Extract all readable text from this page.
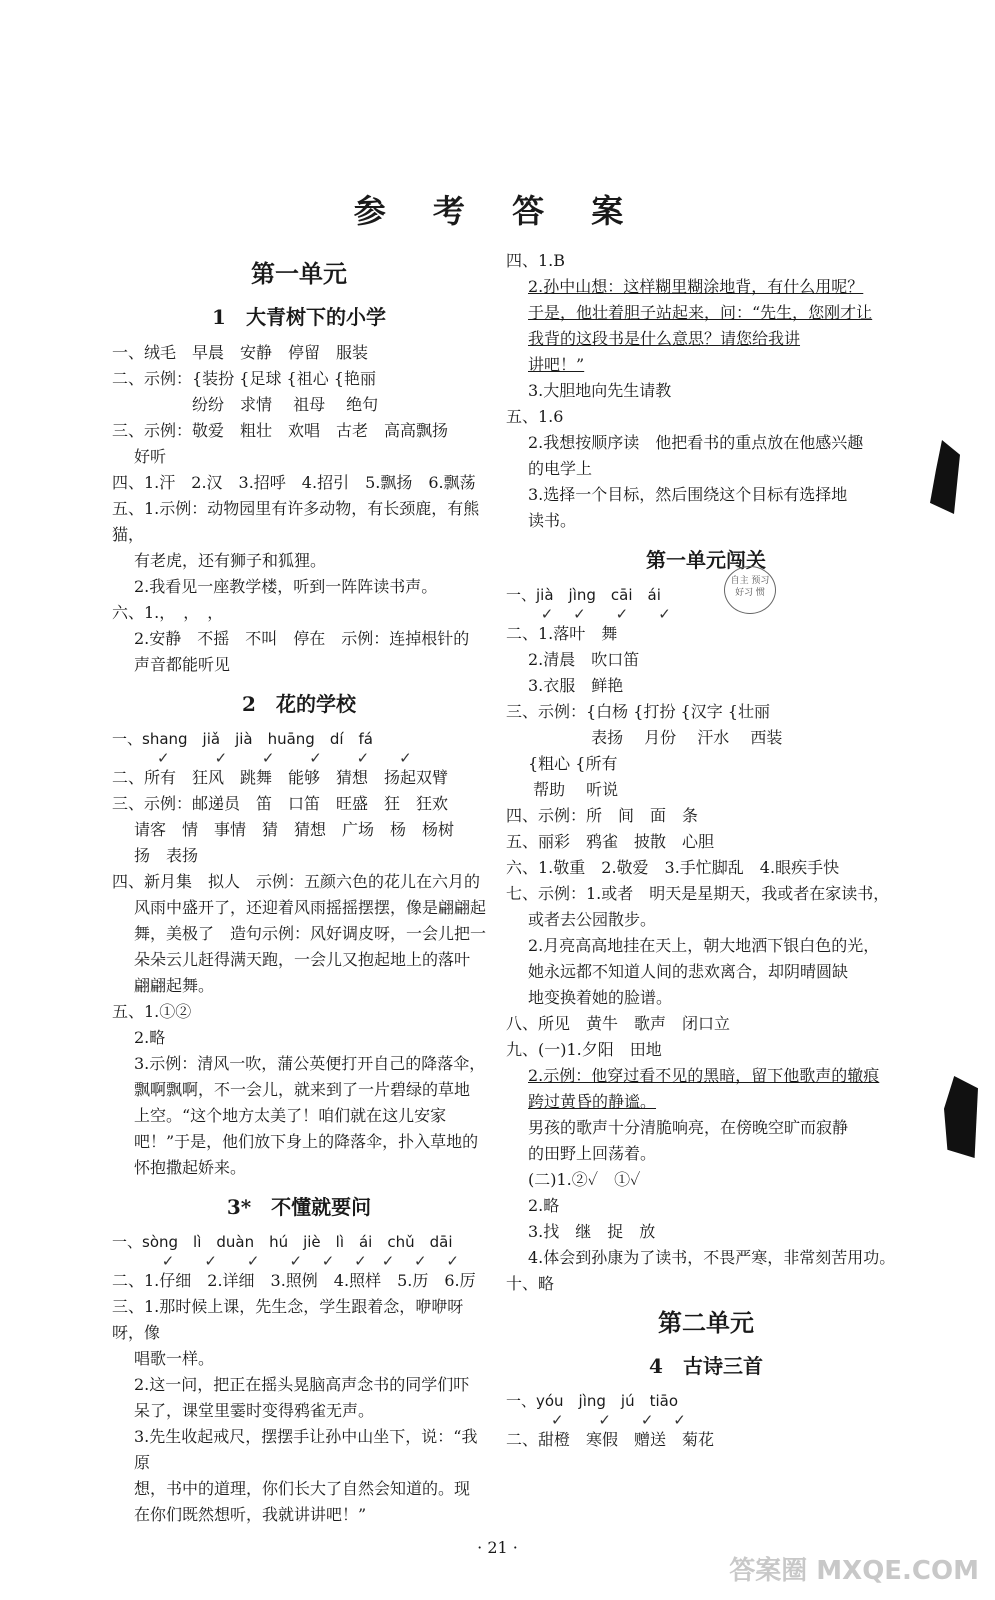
参 考 答 案
第一单元
1　大青树下的小学
一、绒毛　早晨　安静　停留　服装
二、示例：{装扮 {足球 {祖心 {艳丽
　　　　　纷纷　求情　 祖母　 绝句
三、示例：敬爱　粗壮　欢唱　古老　高高飘扬
好听
四、1.汗　2.汉　3.招呼　4.招引　5.飘扬　6.飘荡
五、1.示例：动物园里有许多动物，有长颈鹿，有熊猫，
有老虎，还有狮子和狐狸。
2.我看见一座教学楼，听到一阵阵读书声。
六、1.，　，　，
2.安静　不摇　不叫　停在　示例：连掉根针的
声音都能听见
2　花的学校
一、shang　jiǎ　jià　huāng　dí　fá
　　　✓　　　✓　　 ✓　　 ✓　　 ✓　　✓
二、所有　狂风　跳舞　能够　猜想　扬起双臂
三、示例：邮递员　笛　口笛　旺盛　狂　狂欢
请客　情　事情　猜　猜想　广场　杨　杨树
扬　表扬
四、新月集　拟人　示例：五颜六色的花儿在六月的
风雨中盛开了，还迎着风雨摇摇摆摆，像是翩翩起
舞，美极了　造句示例：风好调皮呀，一会儿把一
朵朵云儿赶得满天跑，一会儿又抱起地上的落叶
翩翩起舞。
五、1.①②
2.略
3.示例：清风一吹，蒲公英便打开自己的降落伞，
飘啊飘啊，不一会儿，就来到了一片碧绿的草地
上空。“这个地方太美了！咱们就在这儿安家
吧！”于是，他们放下身上的降落伞，扑入草地的
怀抱撒起娇来。
3*　不懂就要问
一、sòng　lì　duàn　hú　jiè　lì　ái　chǔ　dāi
　　　 ✓　　✓　　✓　　✓　 ✓　 ✓　✓　 ✓　 ✓
二、1.仔细　2.详细　3.照例　4.照样　5.历　6.厉
三、1.那时候上课，先生念，学生跟着念，咿咿呀呀，像
唱歌一样。
2.这一问，把正在摇头晃脑高声念书的同学们吓
呆了，课堂里霎时变得鸦雀无声。
3.先生收起戒尺，摆摆手让孙中山坐下，说：“我原
想，书中的道理，你们长大了自然会知道的。现
在你们既然想听，我就讲讲吧！”
四、1.B
2.孙中山想：这样糊里糊涂地背，有什么用呢？
于是，他壮着胆子站起来，问：“先生，您刚才让
我背的这段书是什么意思？请您给我讲
讲吧！”
3.大胆地向先生请教
五、1.6
2.我想按顺序读　他把看书的重点放在他感兴趣
的电学上
3.选择一个目标，然后围绕这个目标有选择地
读书。
第一单元闯关
一、jià　jìng　cāi　ái
　　 ✓　 ✓　　✓　　✓
二、1.落叶　舞
2.清晨　吹口笛
3.衣服　鲜艳
三、示例：{白杨 {打扮 {汉字 {壮丽
　　　　　 表扬　 月份　 汗水　 西装
{粗心 {所有
帮助　 听说
四、示例：所　间　面　条
五、丽彩　鸦雀　披散　心胆
六、1.敬重　2.敬爱　3.手忙脚乱　4.眼疾手快
七、示例：1.或者　明天是星期天，我或者在家读书，
或者去公园散步。
2.月亮高高地挂在天上，朝大地洒下银白色的光，
她永远都不知道人间的悲欢离合，却阴晴圆缺
地变换着她的脸谱。
八、所见　黄牛　歌声　闭口立
九、(一)1.夕阳　田地
2.示例：他穿过看不见的黑暗，留下他歌声的辙痕
跨过黄昏的静谧。
男孩的歌声十分清脆响亮，在傍晚空旷而寂静
的田野上回荡着。
(二)1.②✓　①✓
2.略
3.找　继　捉　放
4.体会到孙康为了读书，不畏严寒，非常刻苦用功。
十、略
第二单元
4　古诗三首
一、yóu　jìng　jú　tiāo
　　　✓　　 ✓　　✓　 ✓
二、甜橙　寒假　赠送　菊花
自主 预习 好习 惯
· 21 ·
答案圈 MXQE.COM
